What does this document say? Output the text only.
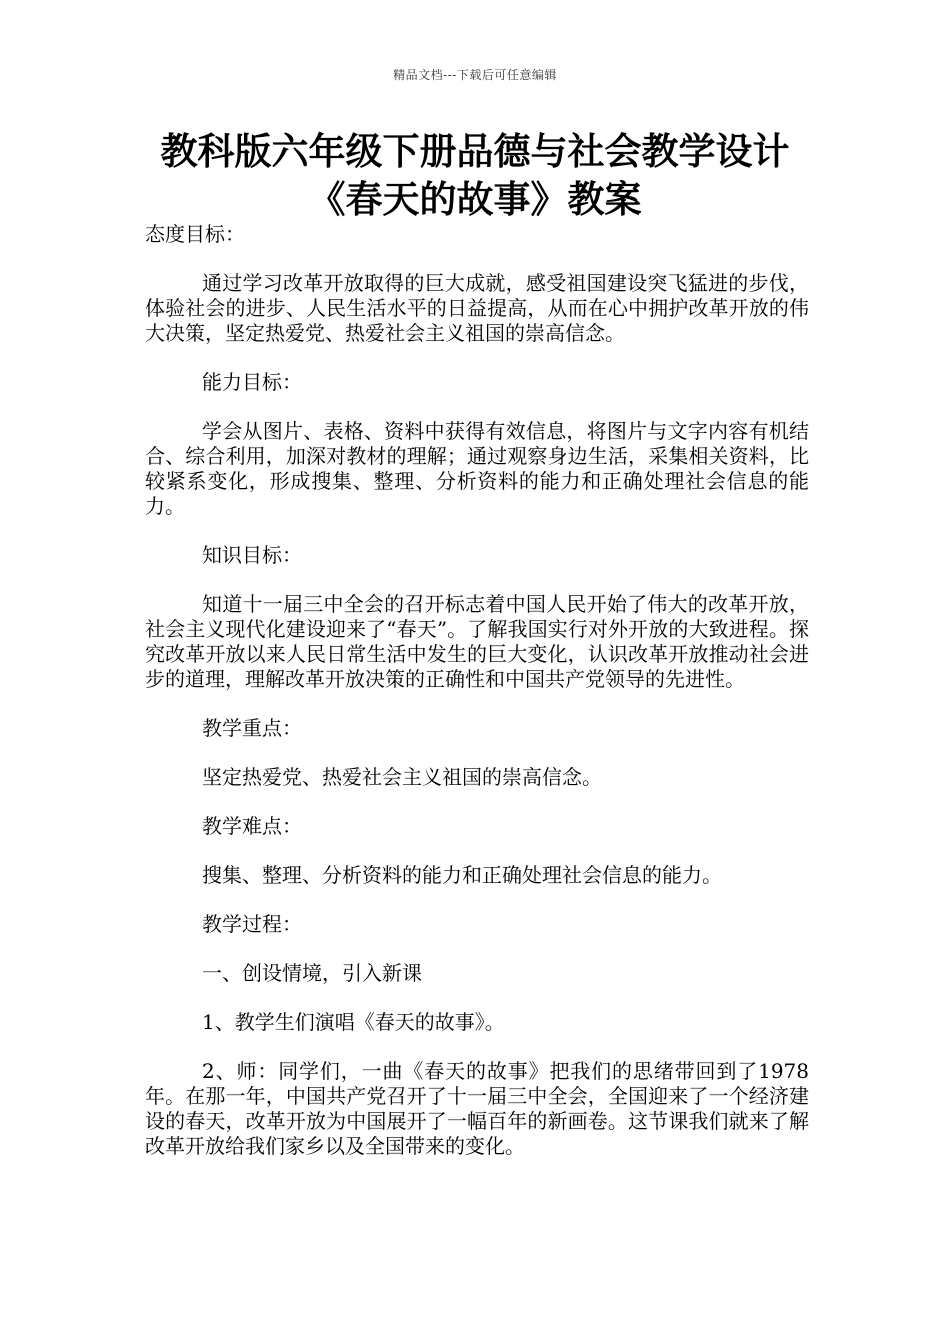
精品文档---下载后可任意编辑
教科版六年级下册品德与社会教学设计
《春天的故事》教案

态度目标：

通过学习改革开放取得的巨大成就，感受祖国建设突飞猛进的步伐，体验社会的进步、人民生活水平的日益提高，从而在心中拥护改革开放的伟大决策，坚定热爱党、热爱社会主义祖国的崇高信念。

能力目标：

学会从图片、表格、资料中获得有效信息，将图片与文字内容有机结合、综合利用，加深对教材的理解；通过观察身边生活，采集相关资料，比较紧系变化，形成搜集、整理、分析资料的能力和正确处理社会信息的能力。

知识目标：

知道十一届三中全会的召开标志着中国人民开始了伟大的改革开放，社会主义现代化建设迎来了“春天”。了解我国实行对外开放的大致进程。探究改革开放以来人民日常生活中发生的巨大变化，认识改革开放推动社会进步的道理，理解改革开放决策的正确性和中国共产党领导的先进性。

教学重点：

坚定热爱党、热爱社会主义祖国的崇高信念。

教学难点：

搜集、整理、分析资料的能力和正确处理社会信息的能力。

教学过程：

一、创设情境，引入新课

1、教学生们演唱《春天的故事》。

2、师：同学们，一曲《春天的故事》把我们的思绪带回到了1978年。在那一年，中国共产党召开了十一届三中全会，全国迎来了一个经济建设的春天，改革开放为中国展开了一幅百年的新画卷。这节课我们就来了解改革开放给我们家乡以及全国带来的变化。
